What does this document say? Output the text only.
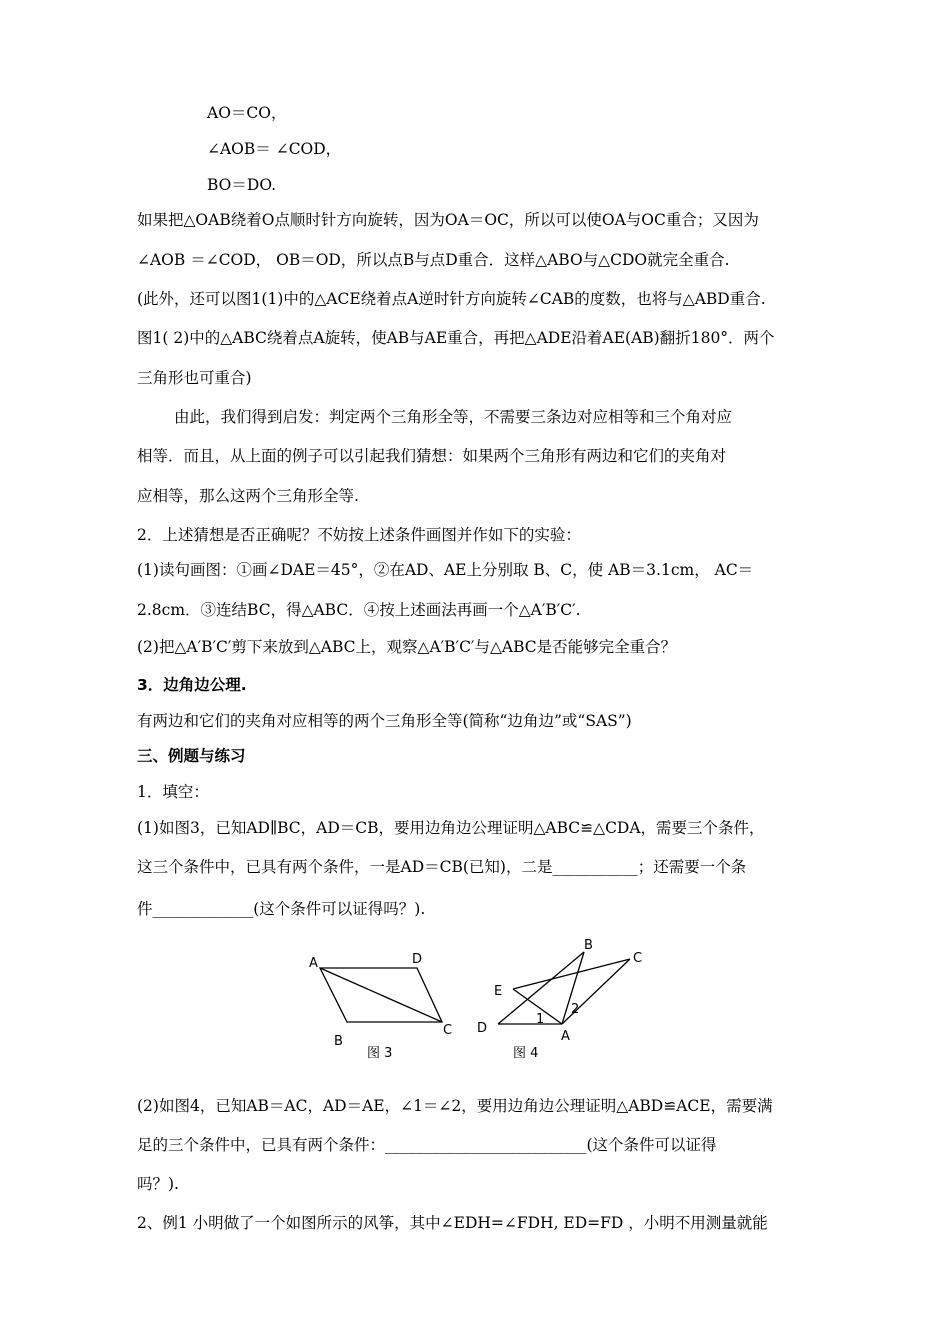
AO＝CO，
∠AOB＝ ∠COD，
BO＝DO.
如果把△OAB绕着O点顺时针方向旋转，因为OA＝OC，所以可以使OA与OC重合；又因为
∠AOB ＝∠COD， OB＝OD，所以点B与点D重合．这样△ABO与△CDO就完全重合.
(此外，还可以图1(1)中的△ACE绕着点A逆时针方向旋转∠CAB的度数，也将与△ABD重合.
图1( 2)中的△ABC绕着点A旋转，使AB与AE重合，再把△ADE沿着AE(AB)翻折180°．两个
三角形也可重合)
由此，我们得到启发：判定两个三角形全等，不需要三条边对应相等和三个角对应
相等．而且，从上面的例子可以引起我们猜想：如果两个三角形有两边和它们的夹角对
应相等，那么这两个三角形全等.
2．上述猜想是否正确呢？不妨按上述条件画图并作如下的实验：
(1)读句画图：①画∠DAE＝45°，②在AD、AE上分别取 B、C，使 AB＝3.1cm， AC＝
2.8cm．③连结BC，得△ABC．④按上述画法再画一个△A′B′C′.
(2)把△A′B′C′剪下来放到△ABC上，观察△A′B′C′与△ABC是否能够完全重合？
3．边角边公理.
有两边和它们的夹角对应相等的两个三角形全等(简称“边角边”或“SAS”)
三、例题与练习
1．填空：
(1)如图3，已知AD∥BC，AD＝CB，要用边角边公理证明△ABC≌△CDA，需要三个条件，
这三个条件中，已具有两个条件，一是AD＝CB(已知)，二是___________；还需要一个条
件_____________(这个条件可以证得吗？).
A	D
B
C
图 3
B
C
E
D
A
1
2
图 4
(2)如图4，已知AB＝AC，AD＝AE，∠1＝∠2，要用边角边公理证明△ABD≌ACE，需要满
足的三个条件中，已具有两个条件：__________________________(这个条件可以证得
吗？).
2、例1 小明做了一个如图所示的风筝，其中∠EDH=∠FDH, ED=FD ，小明不用测量就能
